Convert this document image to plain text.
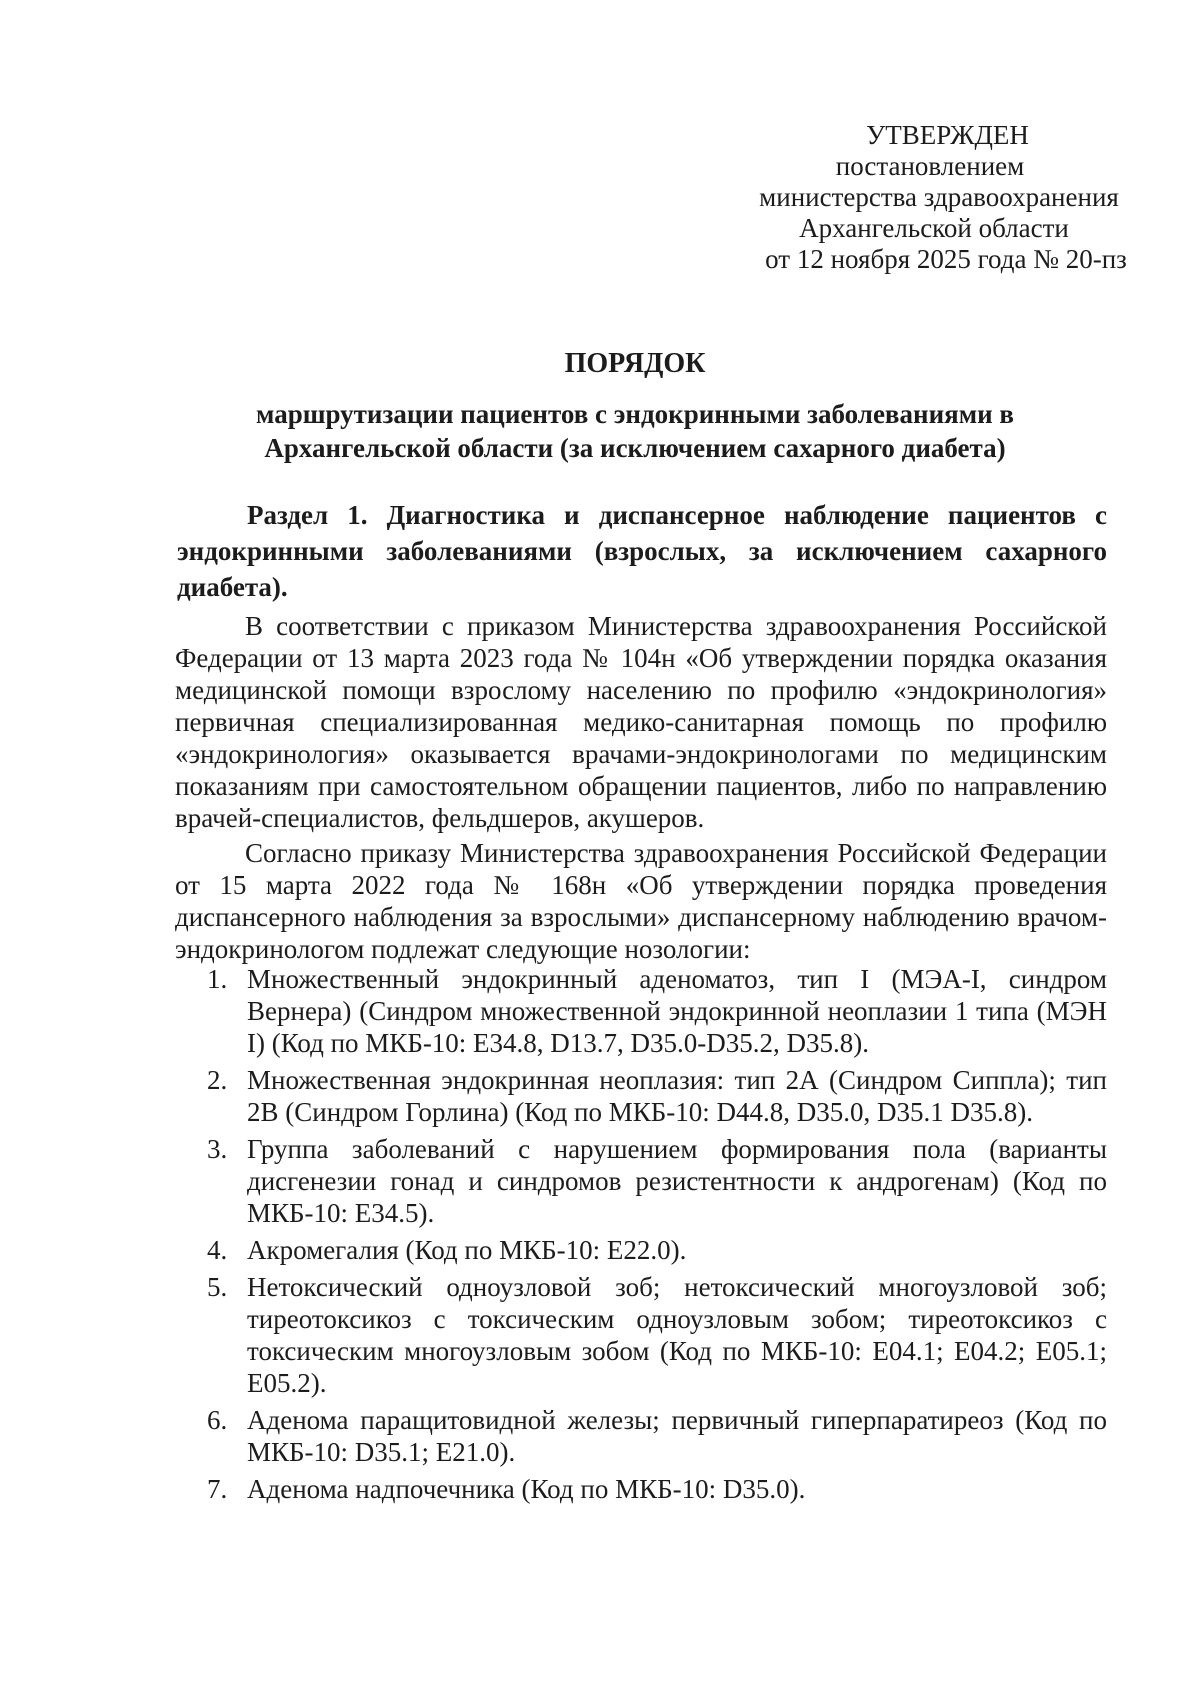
УТВЕРЖДЕН
постановлением
министерства здравоохранения
Архангельской области
от 12 ноября 2025 года № 20-пз
ПОРЯДОК
маршрутизации пациентов с эндокринными заболеваниями в Архангельской области (за исключением сахарного диабета)
Раздел 1. Диагностика и диспансерное наблюдение пациентов с эндокринными заболеваниями (взрослых, за исключением сахарного диабета).

В соответствии с приказом Министерства здравоохранения Российской Федерации от 13 марта 2023 года № 104н «Об утверждении порядка оказания медицинской помощи взрослому населению по профилю «эндокринология» первичная специализированная медико-санитарная помощь по профилю «эндокринология» оказывается врачами-эндокринологами по медицинским показаниям при самостоятельном обращении пациентов, либо по направлению врачей-специалистов, фельдшеров, акушеров.

Согласно приказу Министерства здравоохранения Российской Федерации от 15 марта 2022 года № 168н «Об утверждении порядка проведения диспансерного наблюдения за взрослыми» диспансерному наблюдению врачом-эндокринологом подлежат следующие нозологии:

1. Множественный эндокринный аденоматоз, тип I (МЭА-I, синдром Вернера) (Синдром множественной эндокринной неоплазии 1 типа (МЭН I) (Код по МКБ-10: Е34.8, D13.7, D35.0-D35.2, D35.8).
2. Множественная эндокринная неоплазия: тип 2А (Синдром Сиппла); тип 2В (Синдром Горлина) (Код по МКБ-10: D44.8, D35.0, D35.1 D35.8).
3. Группа заболеваний с нарушением формирования пола (варианты дисгенезии гонад и синдромов резистентности к андрогенам) (Код по МКБ-10: Е34.5).
4. Акромегалия (Код по МКБ-10: Е22.0).
5. Нетоксический одноузловой зоб; нетоксический многоузловой зоб; тиреотоксикоз с токсическим одноузловым зобом; тиреотоксикоз с токсическим многоузловым зобом (Код по МКБ-10: Е04.1; Е04.2; Е05.1; Е05.2).
6. Аденома паращитовидной железы; первичный гиперпаратиреоз (Код по МКБ-10: D35.1; Е21.0).
7. Аденома надпочечника (Код по МКБ-10: D35.0).
